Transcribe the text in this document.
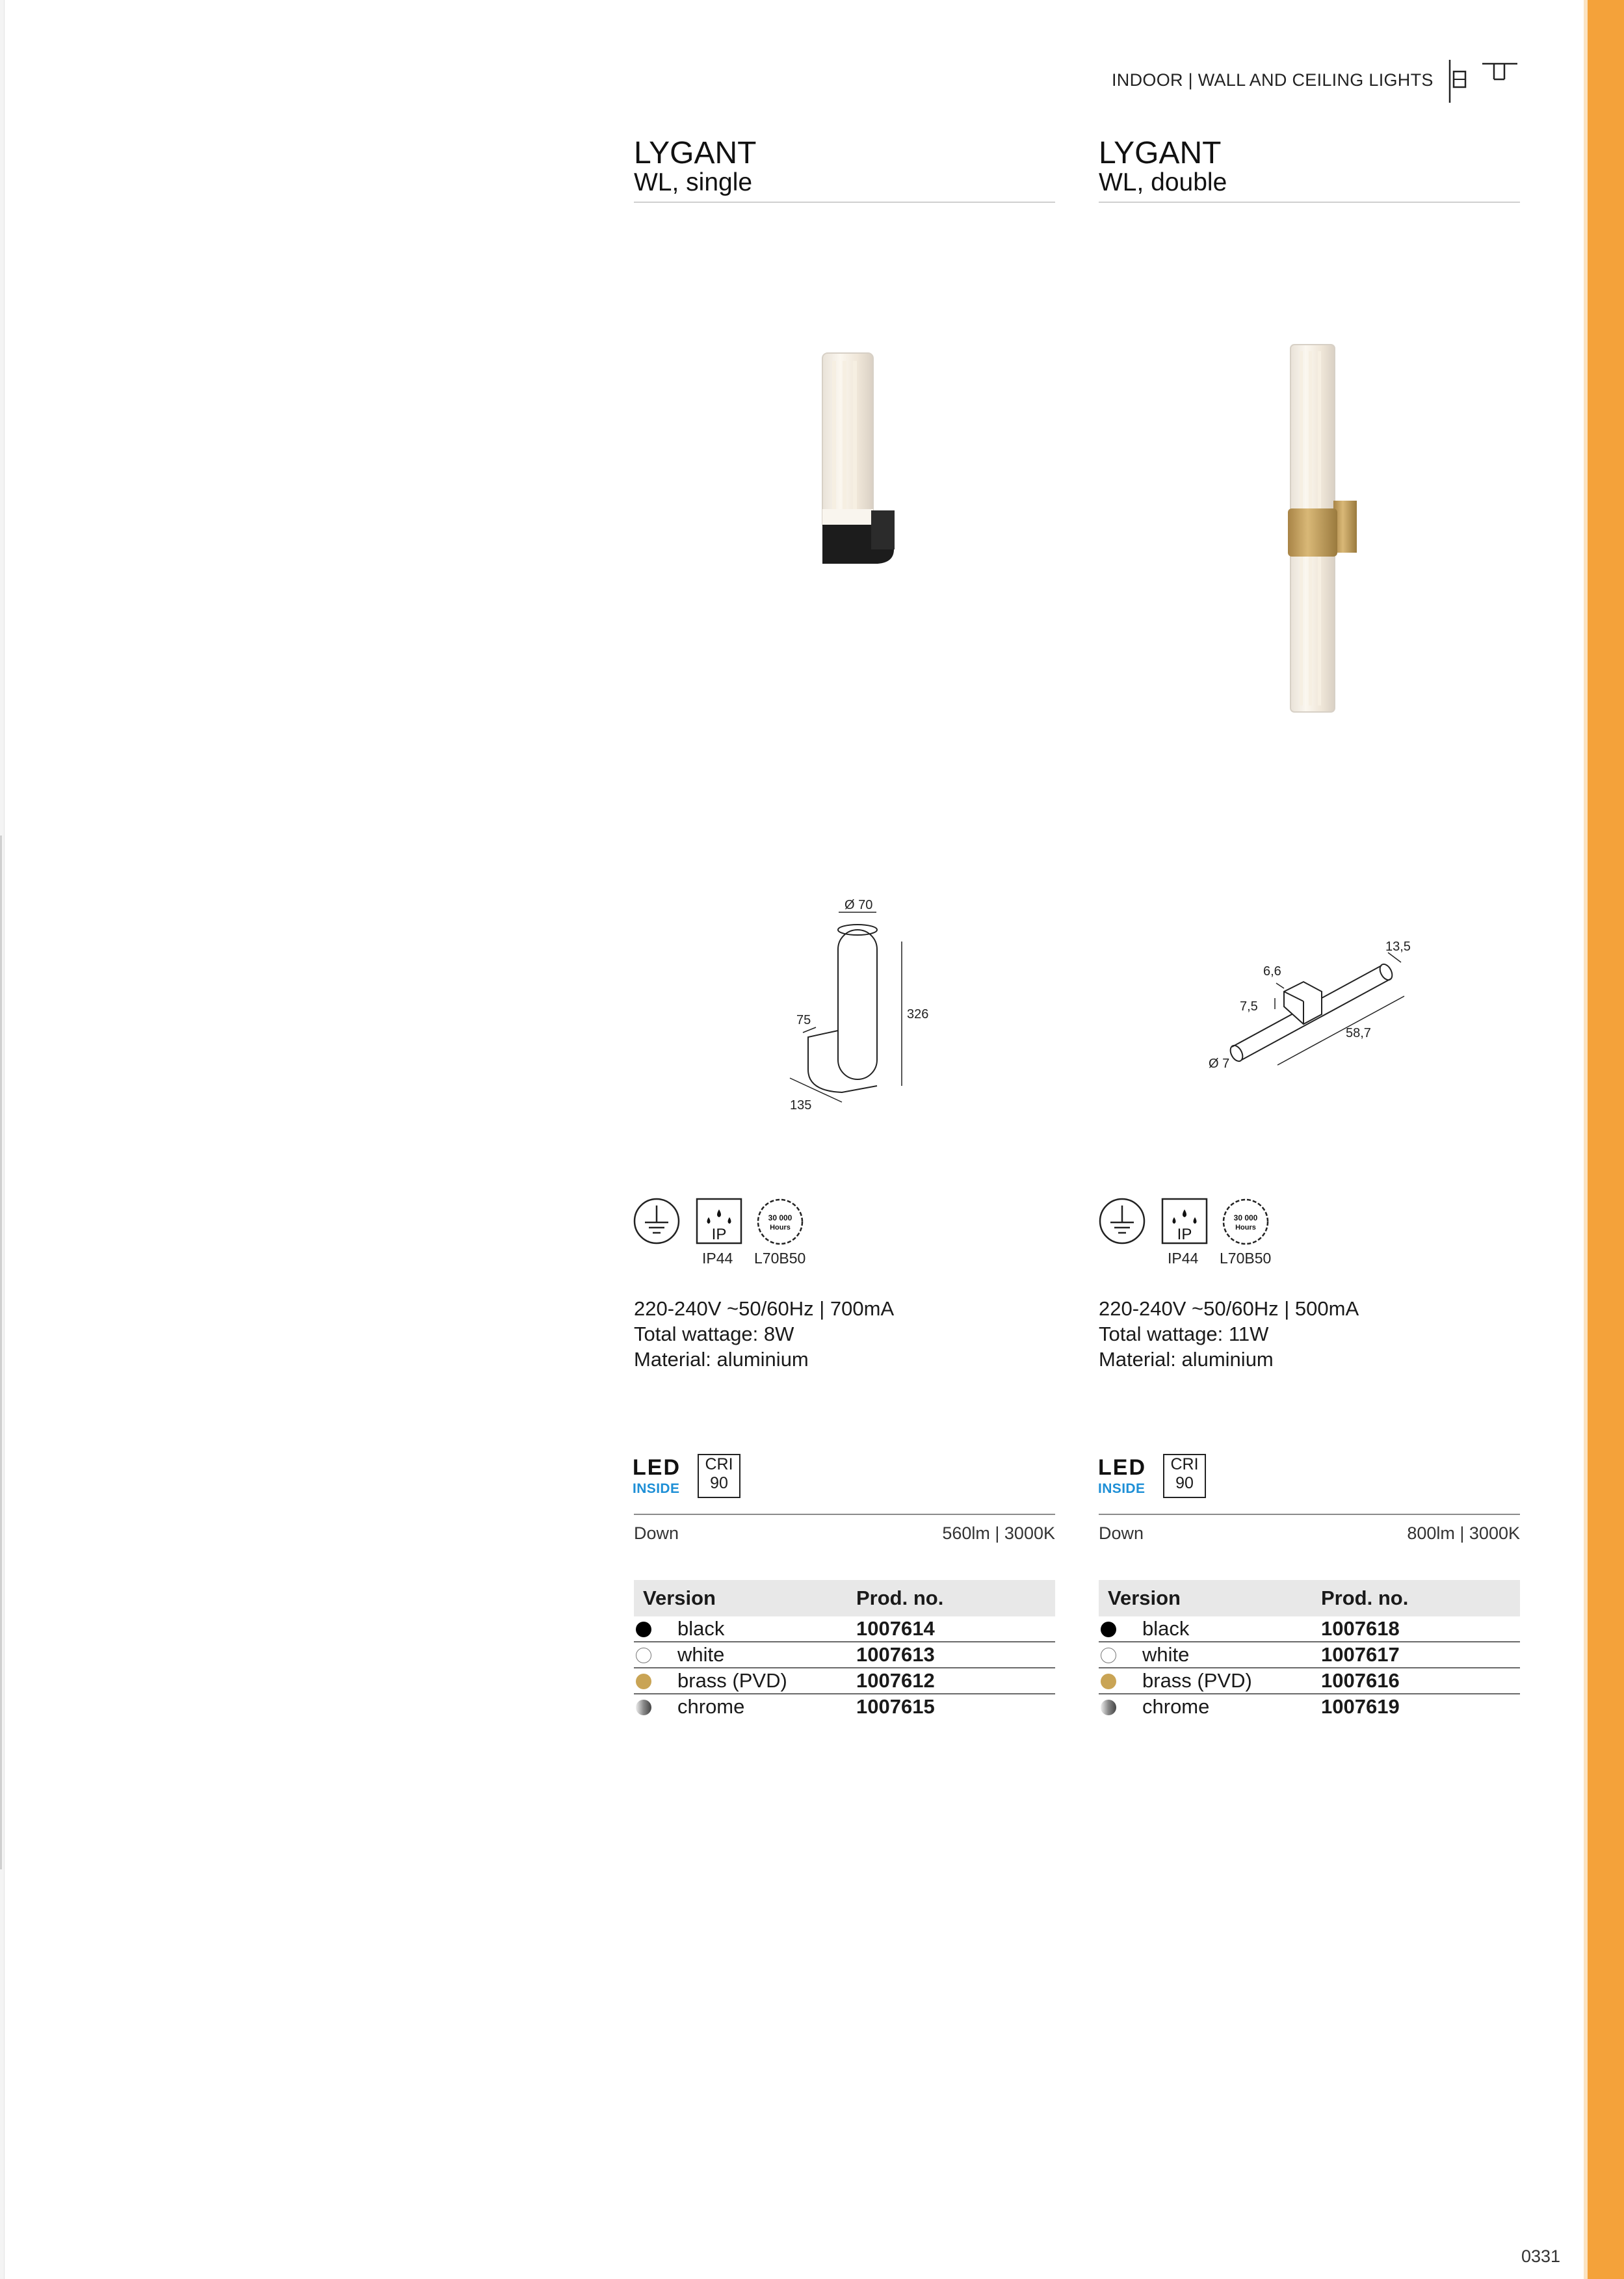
INDOOR | WALL AND CEILING LIGHTS
LYGANT
WL, single
Ø 70
326
75
135
IP
30 000
Hours
IP44 L70B50
220-240V ~50/60Hz | 700mA
Total wattage: 8W
Material: aluminium
LED
INSIDE
CRI
90
Down	560lm | 3000K
Version	Prod. no.
black	1007614
white	1007613
brass (PVD)	1007612
chrome	1007615
LYGANT
WL, double
13,5
6,6
7,5
58,7
Ø 7
IP
30 000
Hours
IP44 L70B50
220-240V ~50/60Hz | 500mA
Total wattage: 11W
Material: aluminium
LED
INSIDE
CRI
90
Down	800lm | 3000K
Version	Prod. no.
black	1007618
white	1007617
brass (PVD)	1007616
chrome	1007619
0331
